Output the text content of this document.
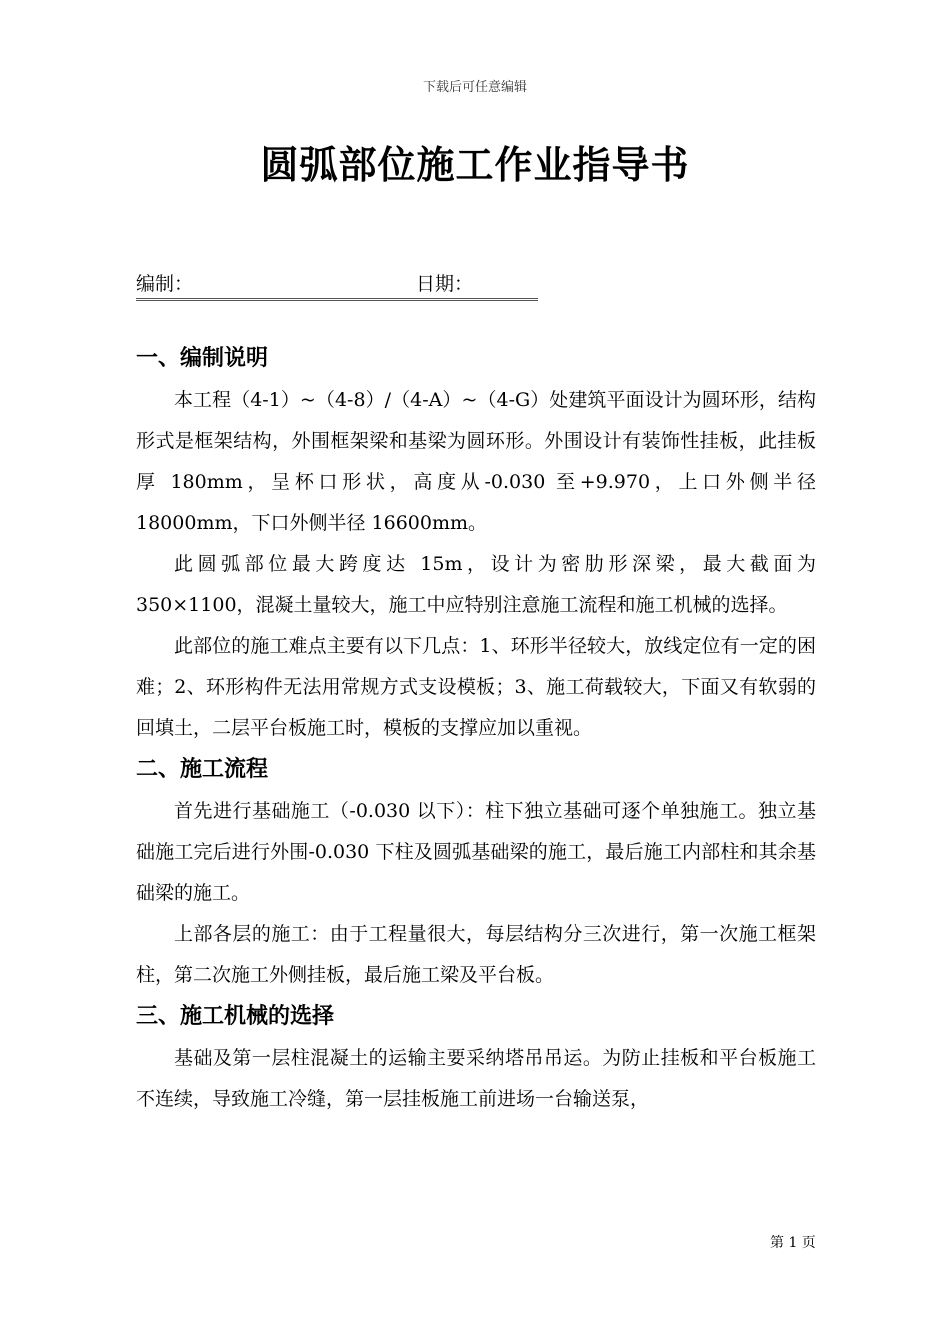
下载后可任意编辑
圆弧部位施工作业指导书
编制：	日期：
一、编制说明

本工程（4-1）~（4-8）/（4-A）~（4-G）处建筑平面设计为圆环形，结构形式是框架结构，外围框架梁和基梁为圆环形。外围设计有装饰性挂板，此挂板厚 180mm，呈杯口形状，高度从-0.030 至+9.970，上口外侧半径 18000mm，下口外侧半径 16600mm。

此圆弧部位最大跨度达 15m，设计为密肋形深梁，最大截面为 350×1100，混凝土量较大，施工中应特别注意施工流程和施工机械的选择。

此部位的施工难点主要有以下几点：1、环形半径较大，放线定位有一定的困难；2、环形构件无法用常规方式支设模板；3、施工荷载较大，下面又有软弱的回填土，二层平台板施工时，模板的支撑应加以重视。

二、施工流程

首先进行基础施工（-0.030 以下）：柱下独立基础可逐个单独施工。独立基础施工完后进行外围-0.030 下柱及圆弧基础梁的施工，最后施工内部柱和其余基础梁的施工。

上部各层的施工：由于工程量很大，每层结构分三次进行，第一次施工框架柱，第二次施工外侧挂板，最后施工梁及平台板。

三、施工机械的选择

基础及第一层柱混凝土的运输主要采纳塔吊吊运。为防止挂板和平台板施工不连续，导致施工冷缝，第一层挂板施工前进场一台输送泵，

第 1 页
